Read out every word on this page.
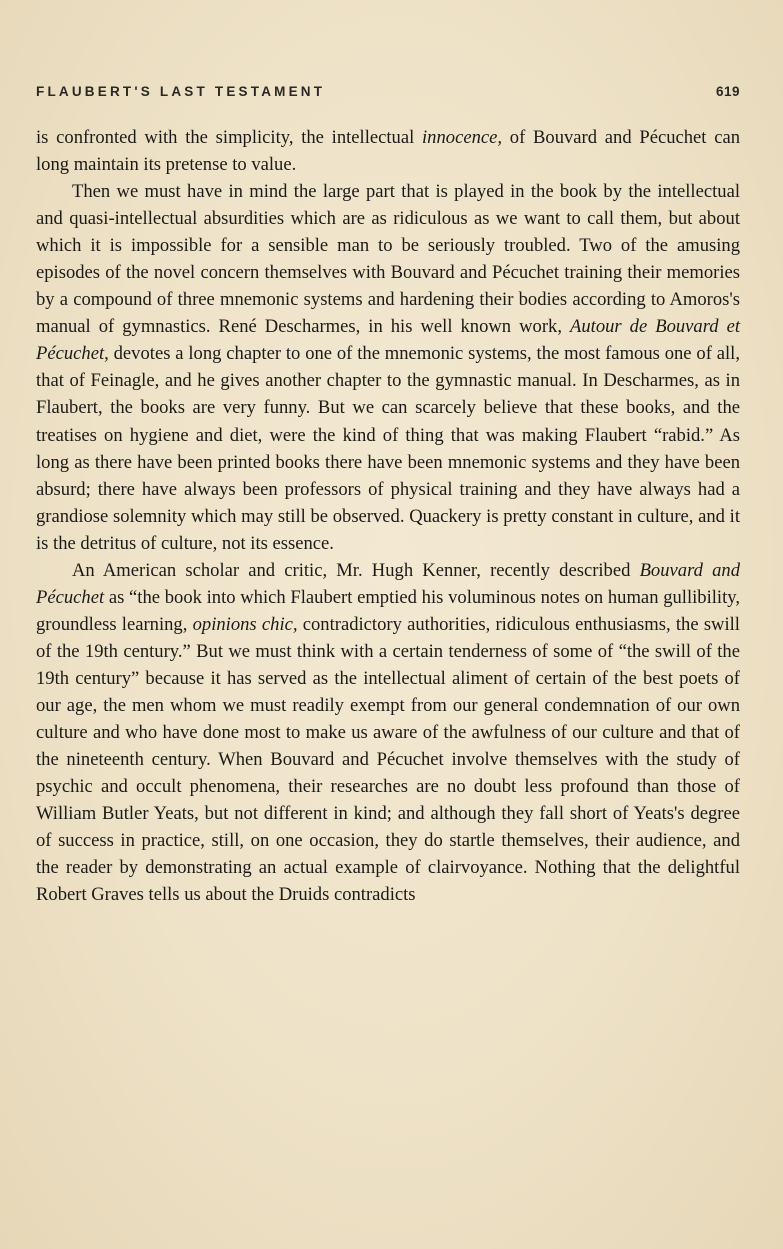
FLAUBERT'S LAST TESTAMENT	619

is confronted with the simplicity, the intellectual innocence, of Bouvard and Pécuchet can long maintain its pretense to value.

Then we must have in mind the large part that is played in the book by the intellectual and quasi-intellectual absurdities which are as ridiculous as we want to call them, but about which it is impossible for a sensible man to be seriously troubled. Two of the amusing episodes of the novel concern themselves with Bouvard and Pécuchet training their memories by a compound of three mnemonic systems and hardening their bodies according to Amoros's manual of gymnastics. René Descharmes, in his well known work, Autour de Bouvard et Pécuchet, devotes a long chapter to one of the mnemonic systems, the most famous one of all, that of Feinagle, and he gives another chapter to the gymnastic manual. In Descharmes, as in Flaubert, the books are very funny. But we can scarcely believe that these books, and the treatises on hygiene and diet, were the kind of thing that was making Flaubert “rabid.” As long as there have been printed books there have been mnemonic systems and they have been absurd; there have always been professors of physical training and they have always had a grandiose solemnity which may still be observed. Quackery is pretty constant in culture, and it is the detritus of culture, not its essence.

An American scholar and critic, Mr. Hugh Kenner, recently described Bouvard and Pécuchet as “the book into which Flaubert emptied his voluminous notes on human gullibility, groundless learning, opinions chic, contradictory authorities, ridiculous enthusiasms, the swill of the 19th century.” But we must think with a certain tenderness of some of “the swill of the 19th century” because it has served as the intellectual aliment of certain of the best poets of our age, the men whom we must readily exempt from our general condemnation of our own culture and who have done most to make us aware of the awfulness of our culture and that of the nineteenth century. When Bouvard and Pécuchet involve themselves with the study of psychic and occult phenomena, their researches are no doubt less profound than those of William Butler Yeats, but not different in kind; and although they fall short of Yeats's degree of success in practice, still, on one occasion, they do startle themselves, their audience, and the reader by demonstrating an actual example of clairvoyance. Nothing that the delightful Robert Graves tells us about the Druids contradicts
